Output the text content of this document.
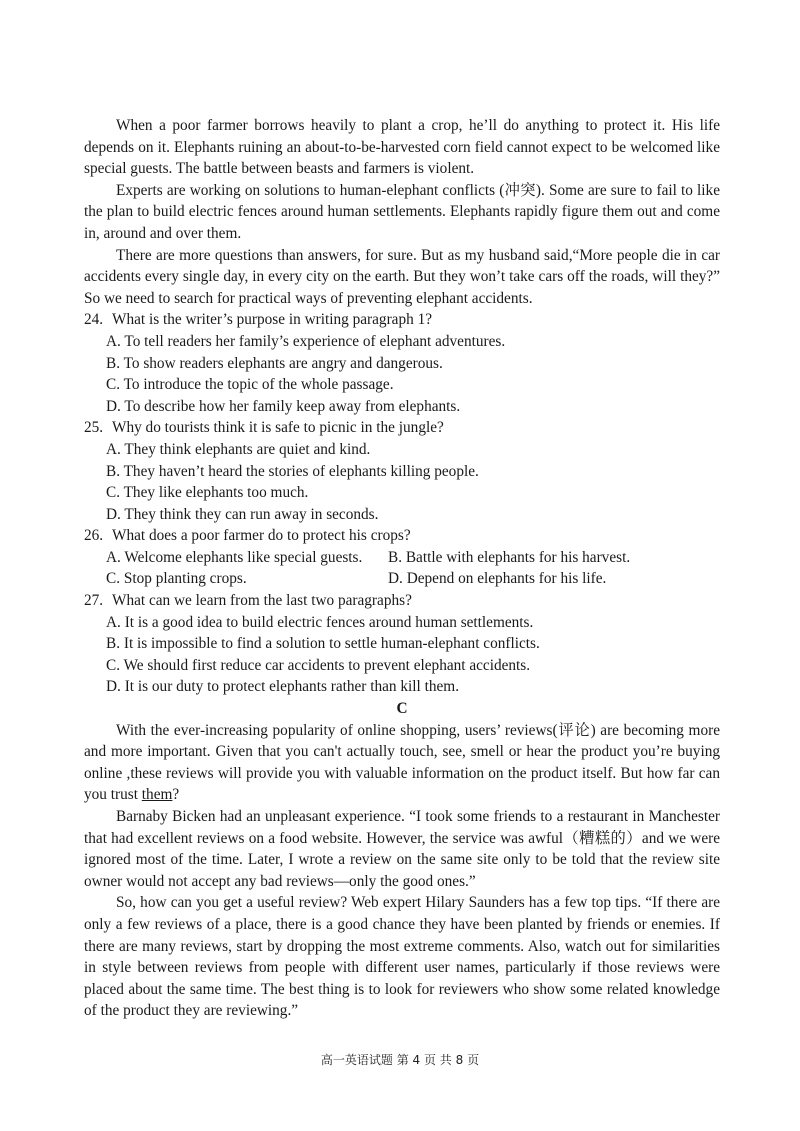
When a poor farmer borrows heavily to plant a crop, he’ll do anything to protect it. His life depends on it. Elephants ruining an about-to-be-harvested corn field cannot expect to be welcomed like special guests. The battle between beasts and farmers is violent.

Experts are working on solutions to human-elephant conflicts (冲突). Some are sure to fail to like the plan to build electric fences around human settlements. Elephants rapidly figure them out and come in, around and over them.

There are more questions than answers, for sure. But as my husband said,“More people die in car accidents every single day, in every city on the earth. But they won’t take cars off the roads, will they?” So we need to search for practical ways of preventing elephant accidents.

24. What is the writer’s purpose in writing paragraph 1?

A. To tell readers her family’s experience of elephant adventures.

B. To show readers elephants are angry and dangerous.

C. To introduce the topic of the whole passage.

D. To describe how her family keep away from elephants.

25. Why do tourists think it is safe to picnic in the jungle?

A. They think elephants are quiet and kind.

B. They haven’t heard the stories of elephants killing people.

C. They like elephants too much.

D. They think they can run away in seconds.

26. What does a poor farmer do to protect his crops?

A. Welcome elephants like special guests.	B. Battle with elephants for his harvest.
C. Stop planting crops.	D. Depend on elephants for his life.

27. What can we learn from the last two paragraphs?

A. It is a good idea to build electric fences around human settlements.

B. It is impossible to find a solution to settle human-elephant conflicts.

C. We should first reduce car accidents to prevent elephant accidents.

D. It is our duty to protect elephants rather than kill them.

C

With the ever-increasing popularity of online shopping, users’ reviews(评论) are becoming more and more important. Given that you can't actually touch, see, smell or hear the product you’re buying online ,these reviews will provide you with valuable information on the product itself. But how far can you trust them?

Barnaby Bicken had an unpleasant experience. “I took some friends to a restaurant in Manchester that had excellent reviews on a food website. However, the service was awful（糟糕的）and we were ignored most of the time. Later, I wrote a review on the same site only to be told that the review site owner would not accept any bad reviews—only the good ones.”

So, how can you get a useful review? Web expert Hilary Saunders has a few top tips. “If there are only a few reviews of a place, there is a good chance they have been planted by friends or enemies. If there are many reviews, start by dropping the most extreme comments. Also, watch out for similarities in style between reviews from people with different user names, particularly if those reviews were placed about the same time. The best thing is to look for reviewers who show some related knowledge of the product they are reviewing.”

高一英语试题 第 4 页 共 8 页
